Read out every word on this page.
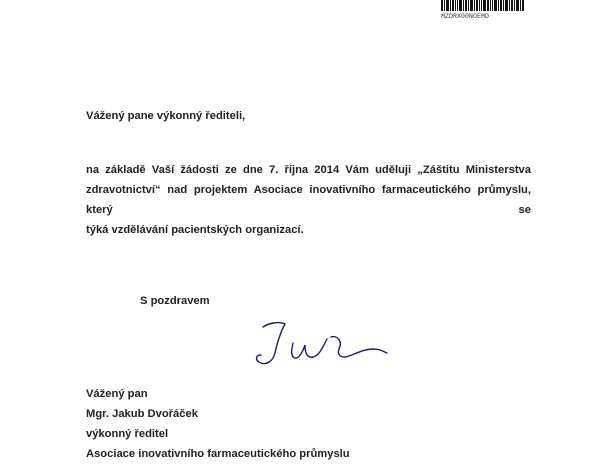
MZDRX00NOEMD

Vážený pane výkonný řediteli,

na základě Vaší žádosti ze dne 7. října 2014 Vám uděluji „Záštitu Ministerstva
zdravotnictví“ nad projektem Asociace inovativního farmaceutického průmyslu, který se
týká vzdělávání pacientských organizací.

S pozdravem

Vážený pan
Mgr. Jakub Dvořáček
výkonný ředitel
Asociace inovativního farmaceutického průmyslu
